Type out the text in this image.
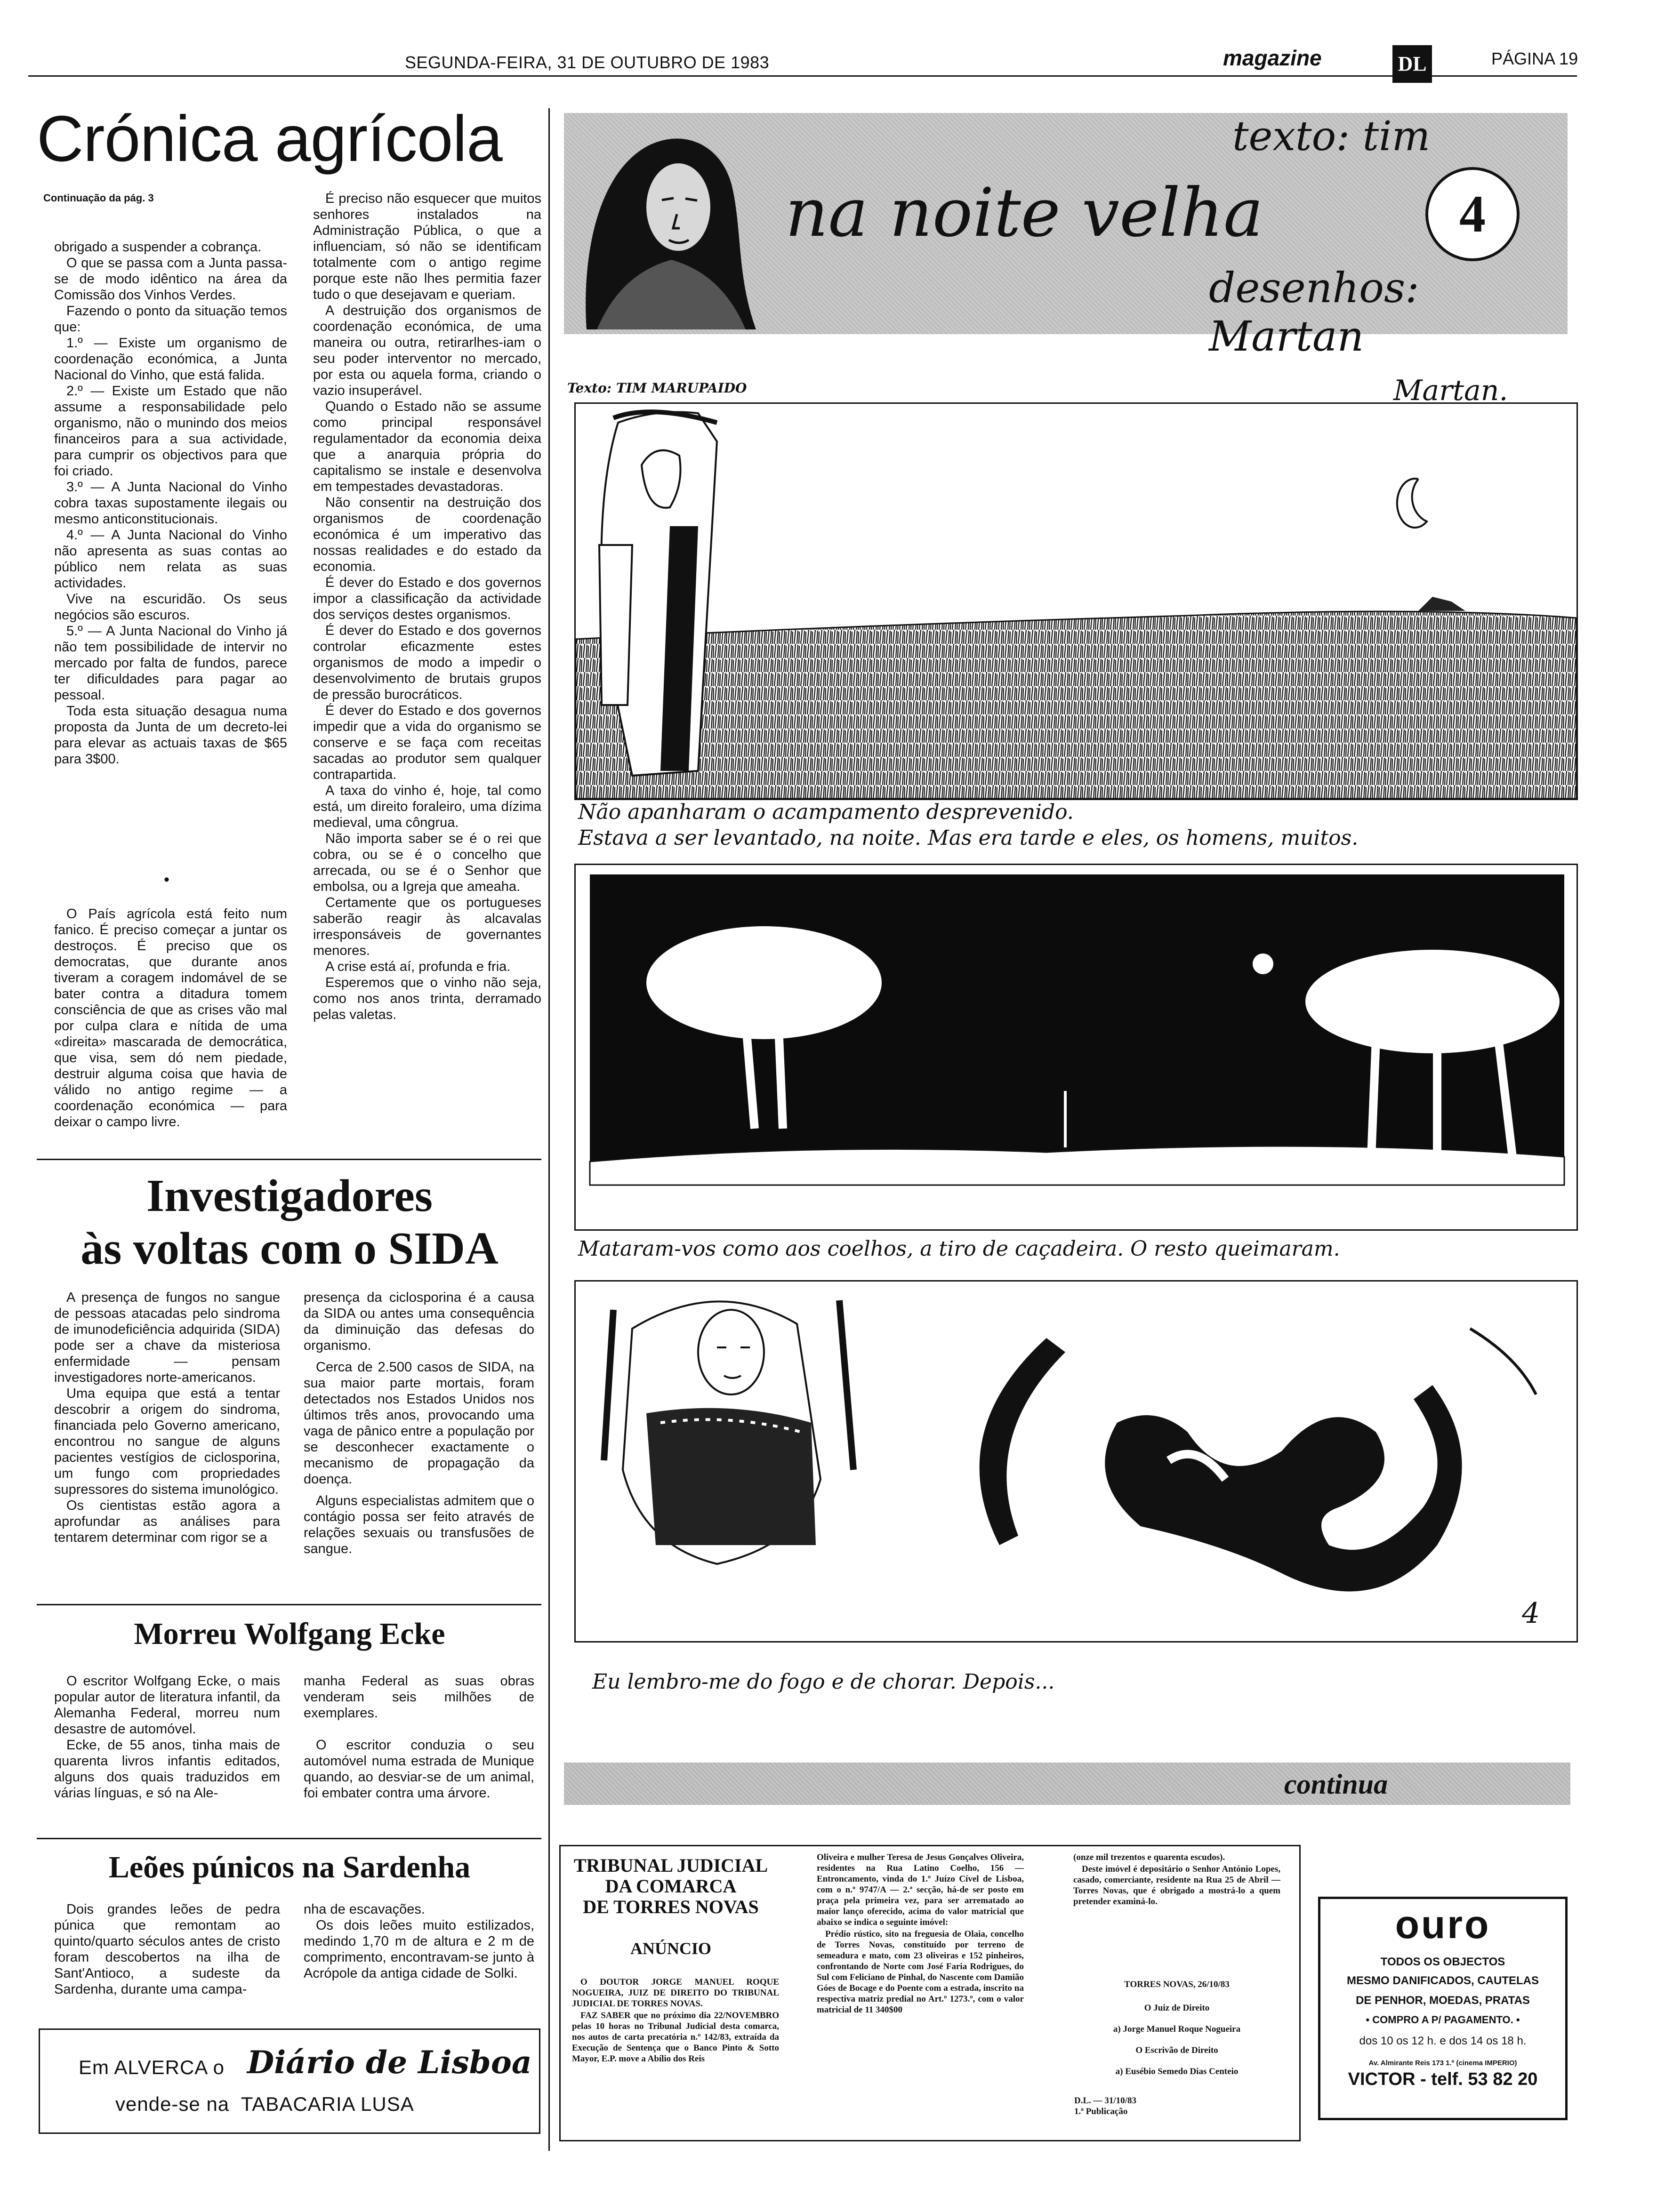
SEGUNDA-FEIRA, 31 DE OUTUBRO DE 1983	magazine	DL	PÁGINA 19
Crónica agrícola
Continuação da pág. 3

obrigado a suspender a cobrança.

O que se passa com a Junta passa-se de modo idêntico na área da Comissão dos Vinhos Verdes.

Fazendo o ponto da situação temos que:

1.º — Existe um organismo de coordenação económica, a Junta Nacional do Vinho, que está falida.

2.º — Existe um Estado que não assume a responsabilidade pelo organismo, não o munindo dos meios financeiros para a sua actividade, para cumprir os objectivos para que foi criado.

3.º — A Junta Nacional do Vinho cobra taxas supostamente ilegais ou mesmo anticonstitucionais.

4.º — A Junta Nacional do Vinho não apresenta as suas contas ao público nem relata as suas actividades.

Vive na escuridão. Os seus negócios são escuros.

5.º — A Junta Nacional do Vinho já não tem possibilidade de intervir no mercado por falta de fundos, parece ter dificuldades para pagar ao pessoal.

Toda esta situação desagua numa proposta da Junta de um decreto-lei para elevar as actuais taxas de $65 para 3$00.

•

O País agrícola está feito num fanico. É preciso começar a juntar os destroços. É preciso que os democratas, que durante anos tiveram a coragem indomável de se bater contra a ditadura tomem consciência de que as crises vão mal por culpa clara e nítida de uma «direita» mascarada de democrática, que visa, sem dó nem piedade, destruir alguma coisa que havia de válido no antigo regime — a coordenação económica — para deixar o campo livre.

É preciso não esquecer que muitos senhores instalados na Administração Pública, o que a influenciam, só não se identificam totalmente com o antigo regime porque este não lhes permitia fazer tudo o que desejavam e queriam.

A destruição dos organismos de coordenação económica, de uma maneira ou outra, retirarlhes-iam o seu poder interventor no mercado, por esta ou aquela forma, criando o vazio insuperável.

Quando o Estado não se assume como principal responsável regulamentador da economia deixa que a anarquia própria do capitalismo se instale e desenvolva em tempestades devastadoras.

Não consentir na destruição dos organismos de coordenação económica é um imperativo das nossas realidades e do estado da economia.

É dever do Estado e dos governos impor a classificação da actividade dos serviços destes organismos.

É dever do Estado e dos governos controlar eficazmente estes organismos de modo a impedir o desenvolvimento de brutais grupos de pressão burocráticos.

É dever do Estado e dos governos impedir que a vida do organismo se conserve e se faça com receitas sacadas ao produtor sem qualquer contrapartida.

A taxa do vinho é, hoje, tal como está, um direito foraleiro, uma dízima medieval, uma côngrua.

Não importa saber se é o rei que cobra, ou se é o concelho que arrecada, ou se é o Senhor que embolsa, ou a Igreja que ameaha.

Certamente que os portugueses saberão reagir às alcavalas irresponsáveis de governantes menores.

A crise está aí, profunda e fria.

Esperemos que o vinho não seja, como nos anos trinta, derramado pelas valetas.

Investigadores
às voltas com o SIDA

A presença de fungos no sangue de pessoas atacadas pelo sindroma de imunodeficiência adquirida (SIDA) pode ser a chave da misteriosa enfermidade — pensam investigadores norte-americanos.

Uma equipa que está a tentar descobrir a origem do sindroma, financiada pelo Governo americano, encontrou no sangue de alguns pacientes vestígios de ciclosporina, um fungo com propriedades supressores do sistema imunológico.

Os cientistas estão agora a aprofundar as análises para tentarem determinar com rigor se a

presença da ciclosporina é a causa da SIDA ou antes uma consequência da diminuição das defesas do organismo.

Cerca de 2.500 casos de SIDA, na sua maior parte mortais, foram detectados nos Estados Unidos nos últimos três anos, provocando uma vaga de pânico entre a população por se desconhecer exactamente o mecanismo de propagação da doença.

Alguns especialistas admitem que o contágio possa ser feito através de relações sexuais ou transfusões de sangue.

Morreu Wolfgang Ecke

O escritor Wolfgang Ecke, o mais popular autor de literatura infantil, da Alemanha Federal, morreu num desastre de automóvel.

Ecke, de 55 anos, tinha mais de quarenta livros infantis editados, alguns dos quais traduzidos em várias línguas, e só na Ale-

manha Federal as suas obras venderam seis milhões de exemplares.

O escritor conduzia o seu automóvel numa estrada de Munique quando, ao desviar-se de um animal, foi embater contra uma árvore.

Leões púnicos na Sardenha

Dois grandes leões de pedra púnica que remontam ao quinto/quarto séculos antes de cristo foram descobertos na ilha de Sant'Antioco, a sudeste da Sardenha, durante uma campa-

nha de escavações.

Os dois leões muito estilizados, medindo 1,70 m de altura e 2 m de comprimento, encontravam-se junto à Acrópole da antiga cidade de Solki.

Em ALVERCA o Diário de Lisboa
vende-se na  TABACARIA LUSA
texto: tim
na noite velha	4
desenhos: Martan
Texto: TIM MARUPAIDO	Martan.
Não apanharam o acampamento desprevenido.
Estava a ser levantado, na noite. Mas era tarde e eles, os homens, muitos.
Mataram-vos como aos coelhos, a tiro de caçadeira. O resto queimaram.
4
Eu lembro-me do fogo e de chorar. Depois...
continua
TRIBUNAL JUDICIAL
DA COMARCA
DE TORRES NOVAS
ANÚNCIO

O DOUTOR JORGE MANUEL ROQUE NOGUEIRA, JUIZ DE DIREITO DO TRIBUNAL JUDICIAL DE TORRES NOVAS.

FAZ SABER que no próximo dia 22/NOVEMBRO pelas 10 horas no Tribunal Judicial desta comarca, nos autos de carta precatória n.º 142/83, extraída da Execução de Sentença que o Banco Pinto & Sotto Mayor, E.P. move a Abílio dos Reis

Oliveira e mulher Teresa de Jesus Gonçalves Oliveira, residentes na Rua Latino Coelho, 156 — Entroncamento, vinda do 1.º Juízo Cível de Lisboa, com o n.º 9747/A — 2.ª secção, há-de ser posto em praça pela primeira vez, para ser arrematado ao maior lanço oferecido, acima do valor matricial que abaixo se indica o seguinte imóvel:

Prédio rústico, sito na freguesia de Olaia, concelho de Torres Novas, constituído por terreno de semeadura e mato, com 23 oliveiras e 152 pinheiros, confrontando de Norte com José Faria Rodrigues, do Sul com Feliciano de Pinhal, do Nascente com Damião Góes de Bocage e do Poente com a estrada, inscrito na respectiva matriz predial no Art.º 1273.º, com o valor matricial de 11 340$00

(onze mil trezentos e quarenta escudos).

Deste imóvel é depositário o Senhor António Lopes, casado, comerciante, residente na Rua 25 de Abril — Torres Novas, que é obrigado a mostrá-lo a quem pretender examiná-lo.

TORRES NOVAS, 26/10/83
O Juiz de Direito
a) Jorge Manuel Roque Nogueira
O Escrivão de Direito
a) Eusébio Semedo Dias Centeio
D.L. — 31/10/83
1.ª Publicação
ouro
TODOS OS OBJECTOS
MESMO DANIFICADOS, CAUTELAS
DE PENHOR, MOEDAS, PRATAS
• COMPRO A P/ PAGAMENTO. •
dos 10 os 12 h. e dos 14 os 18 h.
Av. Almirante Reis 173 1.º (cinema IMPERIO)
VICTOR - telf. 53 82 20
